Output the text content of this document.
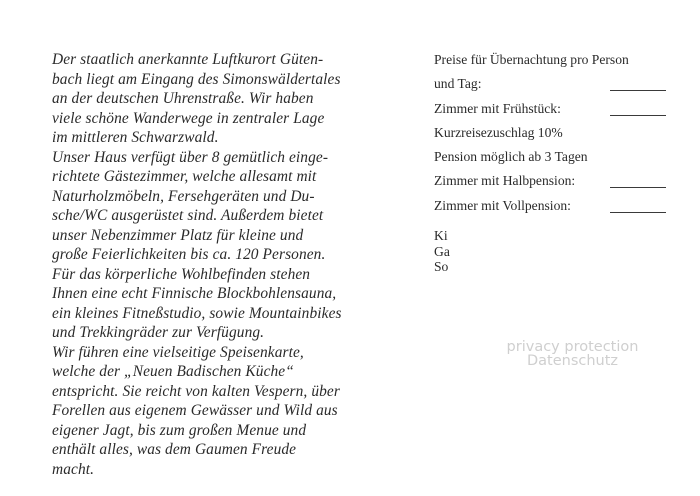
Der staatlich anerkannte Luftkurort Güten-
bach liegt am Eingang des Simonswäldertales
an der deutschen Uhrenstraße. Wir haben
viele schöne Wanderwege in zentraler Lage
im mittleren Schwarzwald.
Unser Haus verfügt über 8 gemütlich einge-
richtete Gästezimmer, welche allesamt mit
Naturholzmöbeln, Fersehgeräten und Du-
sche/WC ausgerüstet sind. Außerdem bietet
unser Nebenzimmer Platz für kleine und
große Feierlichkeiten bis ca. 120 Personen.
Für das körperliche Wohlbefinden stehen
Ihnen eine echt Finnische Blockbohlensauna,
ein kleines Fitneßstudio, sowie Mountainbikes
und Trekkingräder zur Verfügung.
Wir führen eine vielseitige Speisenkarte,
welche der „Neuen Badischen Küche“
entspricht. Sie reicht von kalten Vespern, über
Forellen aus eigenem Gewässer und Wild aus
eigener Jagt, bis zum großen Menue und
enthält alles, was dem Gaumen Freude
macht.
Preise für Übernachtung pro Person
und Tag:
Zimmer mit Frühstück:
Kurzreisezuschlag 10%
Pension möglich ab 3 Tagen
Zimmer mit Halbpension:
Zimmer mit Vollpension:
Ki
Ga
So
privacy protection
Datenschutz
